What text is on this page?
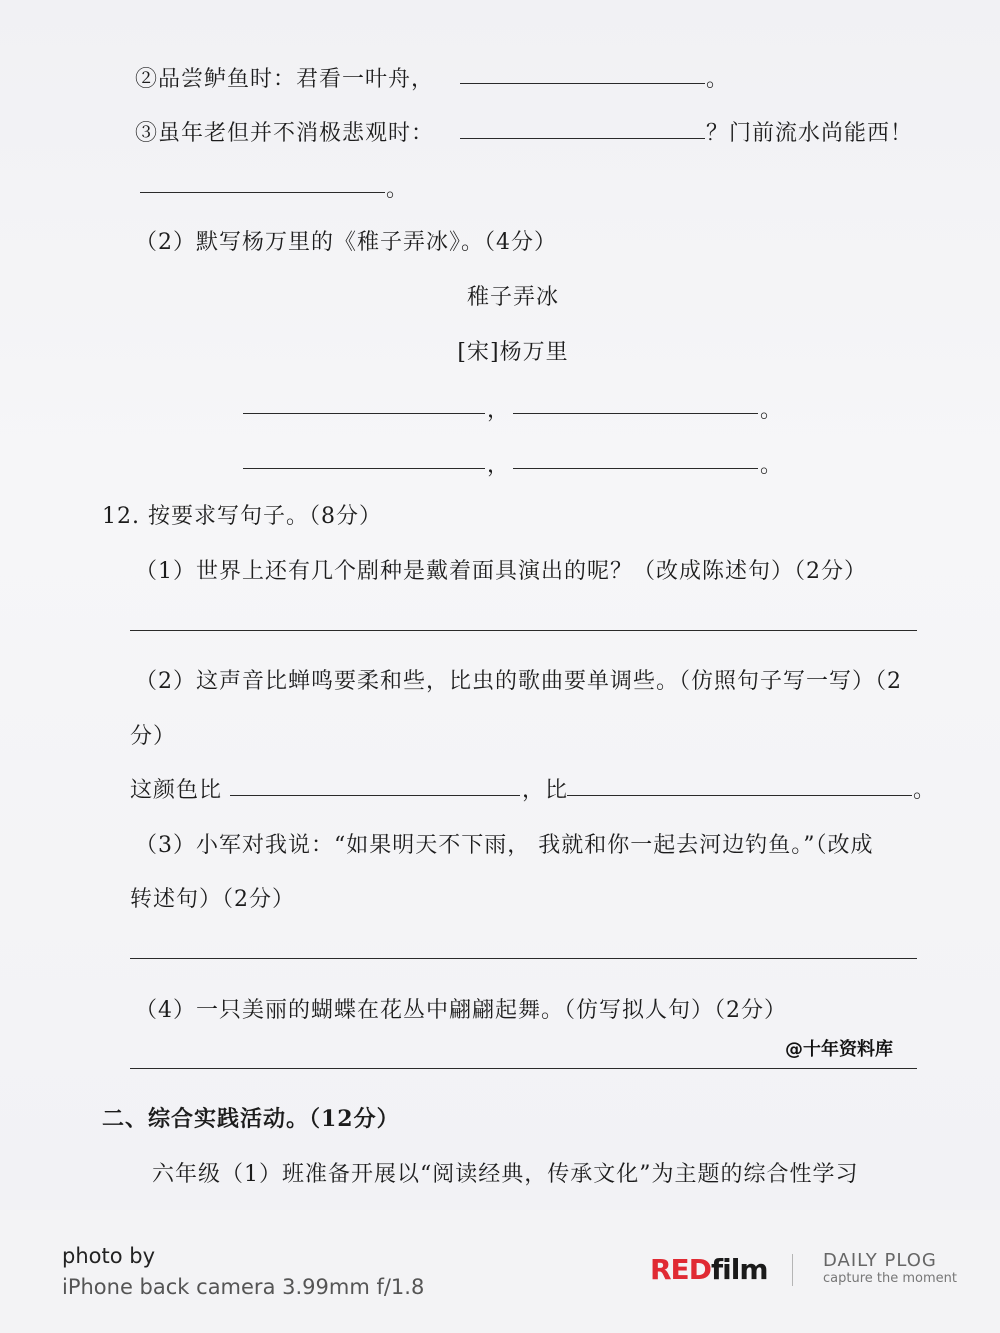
②品尝鲈鱼时：君看一叶舟，	。
③虽年老但并不消极悲观时：	？门前流水尚能西！
。
（2）默写杨万里的《稚子弄冰》。（4分）
稚子弄冰
[宋]杨万里
，	。
，	。
12. 按要求写句子。（8分）
（1）世界上还有几个剧种是戴着面具演出的呢？（改成陈述句）（2分）
（2）这声音比蝉鸣要柔和些，比虫的歌曲要单调些。（仿照句子写一写）（2
分）
这颜色比	，比	。
（3）小军对我说：“如果明天不下雨， 我就和你一起去河边钓鱼。”（改成
转述句）（2分）
（4）一只美丽的蝴蝶在花丛中翩翩起舞。（仿写拟人句）（2分）
@十年资料库
二、综合实践活动。（12分）
六年级（1）班准备开展以“阅读经典，传承文化”为主题的综合性学习
photo by
iPhone back camera 3.99mm f/1.8
REDfilm	DAILY PLOG
capture the moment
